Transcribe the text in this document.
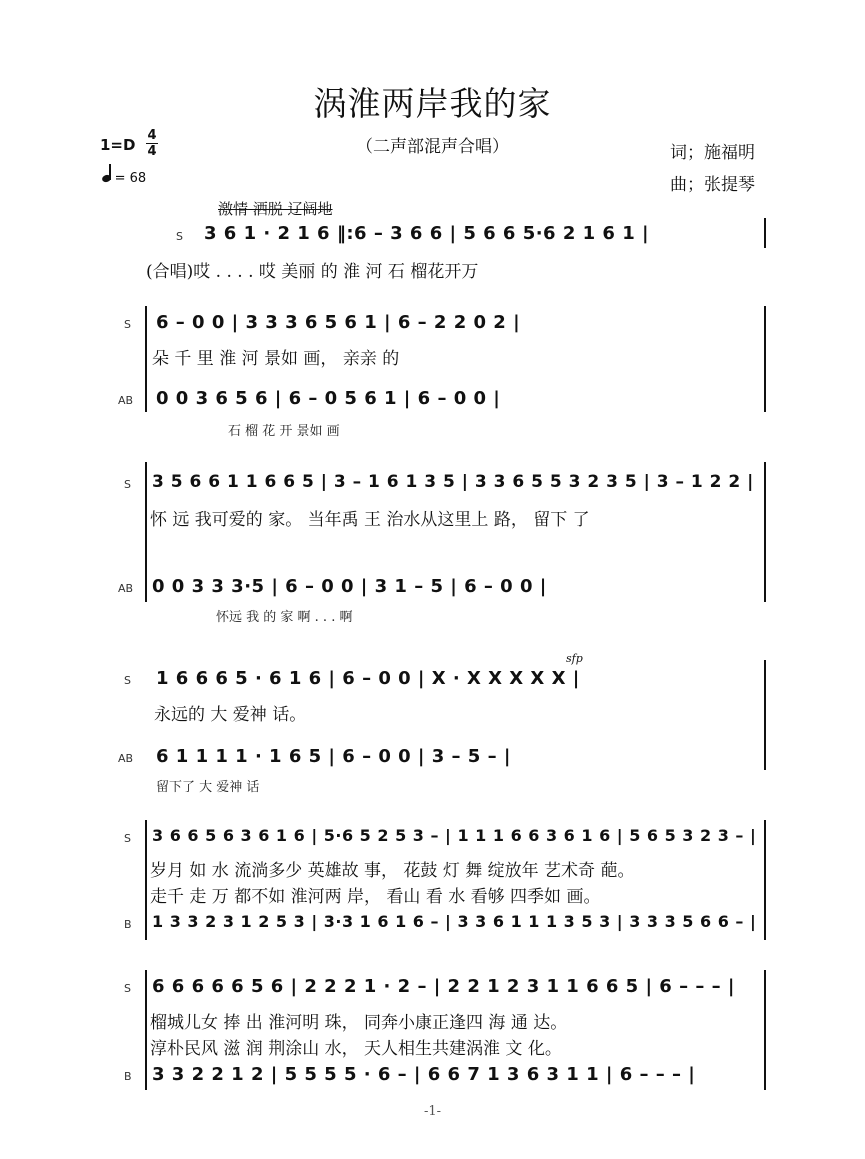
涡淮两岸我的家
（二声部混声合唱）
1=D
4
4
= 68
词；施福明
曲；张提琴
激情 洒脱 辽阔地
S 3 6 1 · 2 1 6 ‖:6 – 3 6 6 | 5 6 6 5·6 2 1 6 1 |
(合唱)哎 . . . . 哎 美丽 的 淮 河 石 榴花开万
S 6 – 0 0 | 3 3 3 6 5 6 1 | 6 – 2 2 0 2 |
朵 千 里 淮 河 景如 画， 亲亲 的
AB 0 0 3 6 5 6 | 6 – 0 5 6 1 | 6 – 0 0 |
石 榴 花 开 景如 画
S 3 5 6 6 1 1 6 6 5 | 3 – 1 6 1 3 5 | 3 3 6 5 5 3 2 3 5 | 3 – 1 2 2 |
怀 远 我可爱的 家。 当年禹 王 治水从这里上 路， 留下 了
AB 0 0 3 3 3·5 | 6 – 0 0 | 3 1 – 5 | 6 – 0 0 |
怀远 我 的 家 啊 . . . 啊
sfp
S 1 6 6 6 5 · 6 1 6 | 6 – 0 0 | X · X X X X X |
永远的 大 爱神 话。
AB 6 1 1 1 1 · 1 6 5 | 6 – 0 0 | 3 – 5 – |
留下了 大 爱神 话
S 3 6 6 5 6 3 6 1 6 | 5·6 5 2 5 3 – | 1 1 1 6 6 3 6 1 6 | 5 6 5 3 2 3 – |
岁月 如 水 流淌多少 英雄故 事， 花鼓 灯 舞 绽放年 艺术奇 葩。
走千 走 万 都不如 淮河两 岸， 看山 看 水 看够 四季如 画。
B 1 3 3 2 3 1 2 5 3 | 3·3 1 6 1 6 – | 3 3 6 1 1 1 3 5 3 | 3 3 3 5 6 6 – |
S 6 6 6 6 6 5 6 | 2 2 2 1 · 2 – | 2 2 1 2 3 1 1 6 6 5 | 6 – – – |
榴城儿女 捧 出 淮河明 珠， 同奔小康正逢四 海 通 达。
淳朴民风 滋 润 荆涂山 水， 天人相生共建涡淮 文 化。
B 3 3 2 2 1 2 | 5 5 5 5 · 6 – | 6 6 7 1 3 6 3 1 1 | 6 – – – |
-1-
